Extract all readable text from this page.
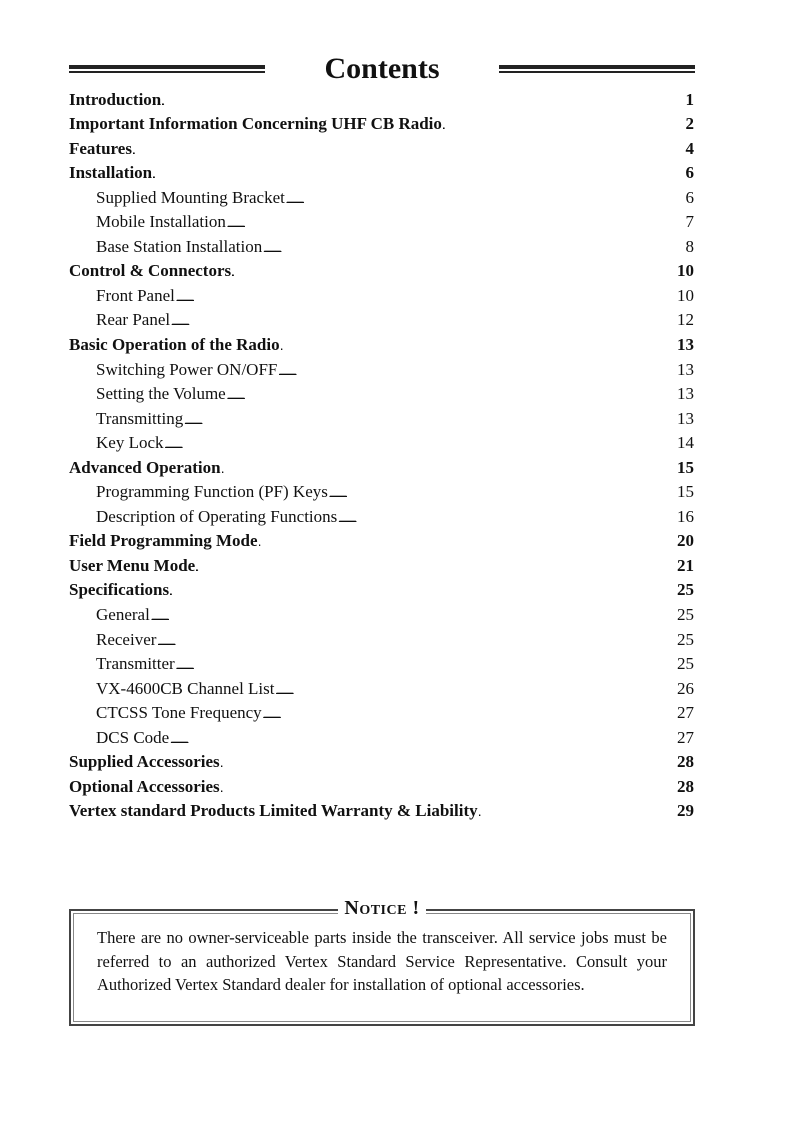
Contents
Introduction . . .	1
Important Information Concerning UHF CB Radio . . .	2
Features . . .	4
Installation . . .	6
Supplied Mounting Bracket . . .	6
Mobile Installation . . .	7
Base Station Installation . . .	8
Control & Connectors . . .	10
Front Panel . . .	10
Rear Panel . . .	12
Basic Operation of the Radio . . .	13
Switching Power ON/OFF . . .	13
Setting the Volume . . .	13
Transmitting . . .	13
Key Lock . . .	14
Advanced Operation . . .	15
Programming Function (PF) Keys . . .	15
Description of Operating Functions . . .	16
Field Programming Mode . . .	20
User Menu Mode . . .	21
Specifications . . .	25
General . . .	25
Receiver . . .	25
Transmitter . . .	25
VX-4600CB Channel List . . .	26
CTCSS Tone Frequency . . .	27
DCS Code . . .	27
Supplied Accessories . . .	28
Optional Accessories . . .	28
Vertex standard Products Limited Warranty & Liability . . .	29
Notice !
There are no owner-serviceable parts inside the transceiver. All service jobs must be referred to an authorized Vertex Standard Service Representative. Consult your Authorized Vertex Standard dealer for installation of optional accessories.
